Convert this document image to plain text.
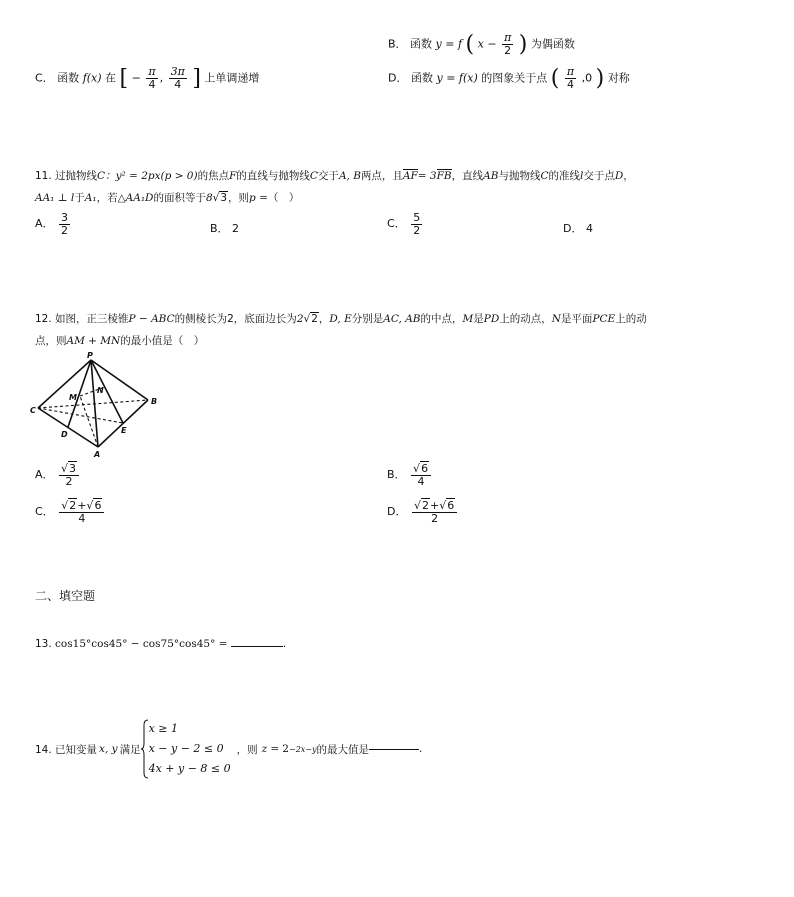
B． 函数 y = f ( $x - \frac{\pi}{2}$ ) 为偶函数
C． 函数 f(x) 在 [ − $\frac{\pi}{4}$ , $\frac{3\pi}{4}$ ] 上单调递增	D． 函数 y = f(x) 的图象关于点 ( $\frac{\pi}{4} ,0$ ) 对称
11. 过抛物线C：y² = 2px(p > 0)的焦点F的直线与抛物线C交于A, B两点，且AF= 3FB，直线AB与抛物线C的准线l交于点D，
AA₁ ⊥ l于A₁，若△AA₁D的面积等于8√3，则p =（　）
A． $\frac{3}{2}$	B． 2	C． $\frac{5}{2}$	D． 4
12. 如图，正三棱锥P − ABC的侧棱长为2，底面边长为2√2，D, E分别是AC, AB的中点，M是PD上的动点，N是平面PCE上的动
点，则AM + MN的最小值是（　）
P
N
M
C
B
D	E
A
A． $\frac{√3}{2}$	B． $\frac{√6}{4}$
C． $\frac{√2+√6}{4}$	D． $\frac{√2+√6}{2}$
二、填空题
13. cos15°cos45° − cos75°cos45° =	.
14. 已知变量 x, y 满足
x ≥ 1
x − y − 2 ≤ 0
4x + y − 8 ≤ 0
，则 z = 2 −2x−y 的最大值是	.
